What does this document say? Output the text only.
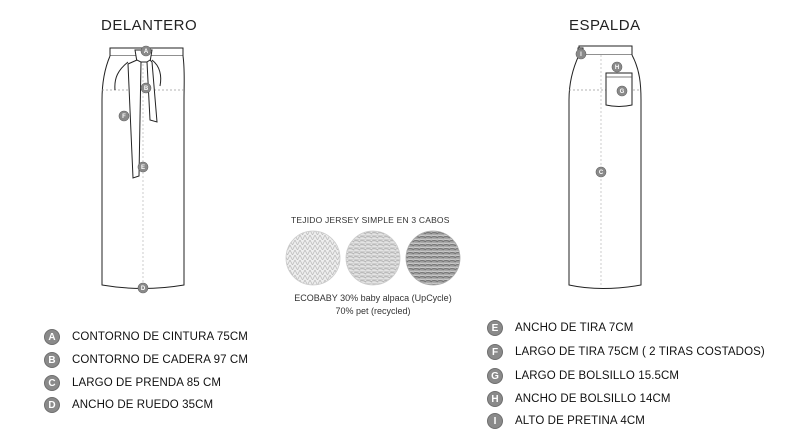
DELANTERO	ESPALDA
A
B
F
E
D
I
H
G
C
TEJIDO JERSEY SIMPLE EN 3 CABOS
ECOBABY 30% baby alpaca (UpCycle)
70% pet (recycled)
A	CONTORNO DE CINTURA 75CM
B	CONTORNO DE CADERA 97 CM
C	LARGO DE PRENDA 85 CM
D	ANCHO DE RUEDO 35CM
E	ANCHO DE TIRA 7CM
F	LARGO DE TIRA 75CM ( 2 TIRAS COSTADOS)
G	LARGO DE BOLSILLO 15.5CM
H	ANCHO DE BOLSILLO 14CM
I	ALTO DE PRETINA 4CM
